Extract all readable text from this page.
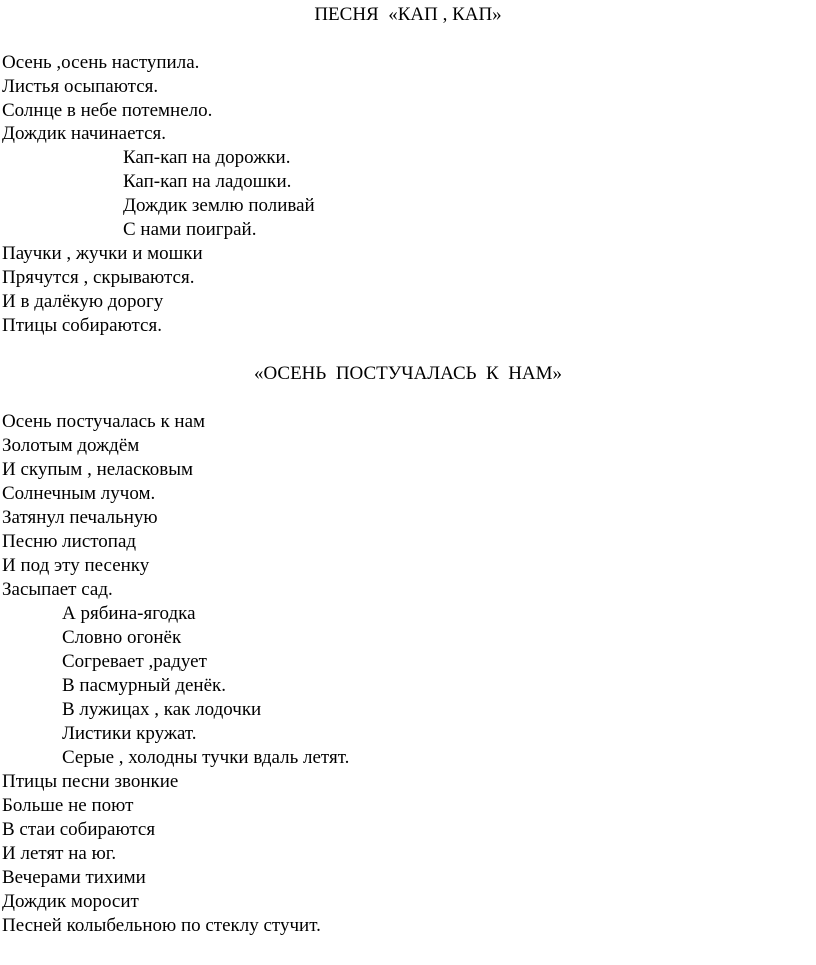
ПЕСНЯ  «КАП , КАП»
Осень ,осень наступила.
Листья осыпаются.
Солнце в небе потемнело.
Дождик начинается.
Кап-кап на дорожки.
Кап-кап на ладошки.
Дождик землю поливай
С нами поиграй.
Паучки , жучки и мошки
Прячутся , скрываются.
И в далёкую дорогу
Птицы собираются.
«ОСЕНЬ  ПОСТУЧАЛАСЬ  К  НАМ»
Осень постучалась к нам
Золотым дождём
И скупым , неласковым
Солнечным лучом.
Затянул печальную
Песню листопад
И под эту песенку
Засыпает сад.
А рябина-ягодка
Словно огонёк
Согревает ,радует
В пасмурный денёк.
В лужицах , как лодочки
Листики кружат.
Серые , холодны тучки вдаль летят.
Птицы песни звонкие
Больше не поют
В стаи собираются
И летят на юг.
Вечерами тихими
Дождик моросит
Песней колыбельною по стеклу стучит.
